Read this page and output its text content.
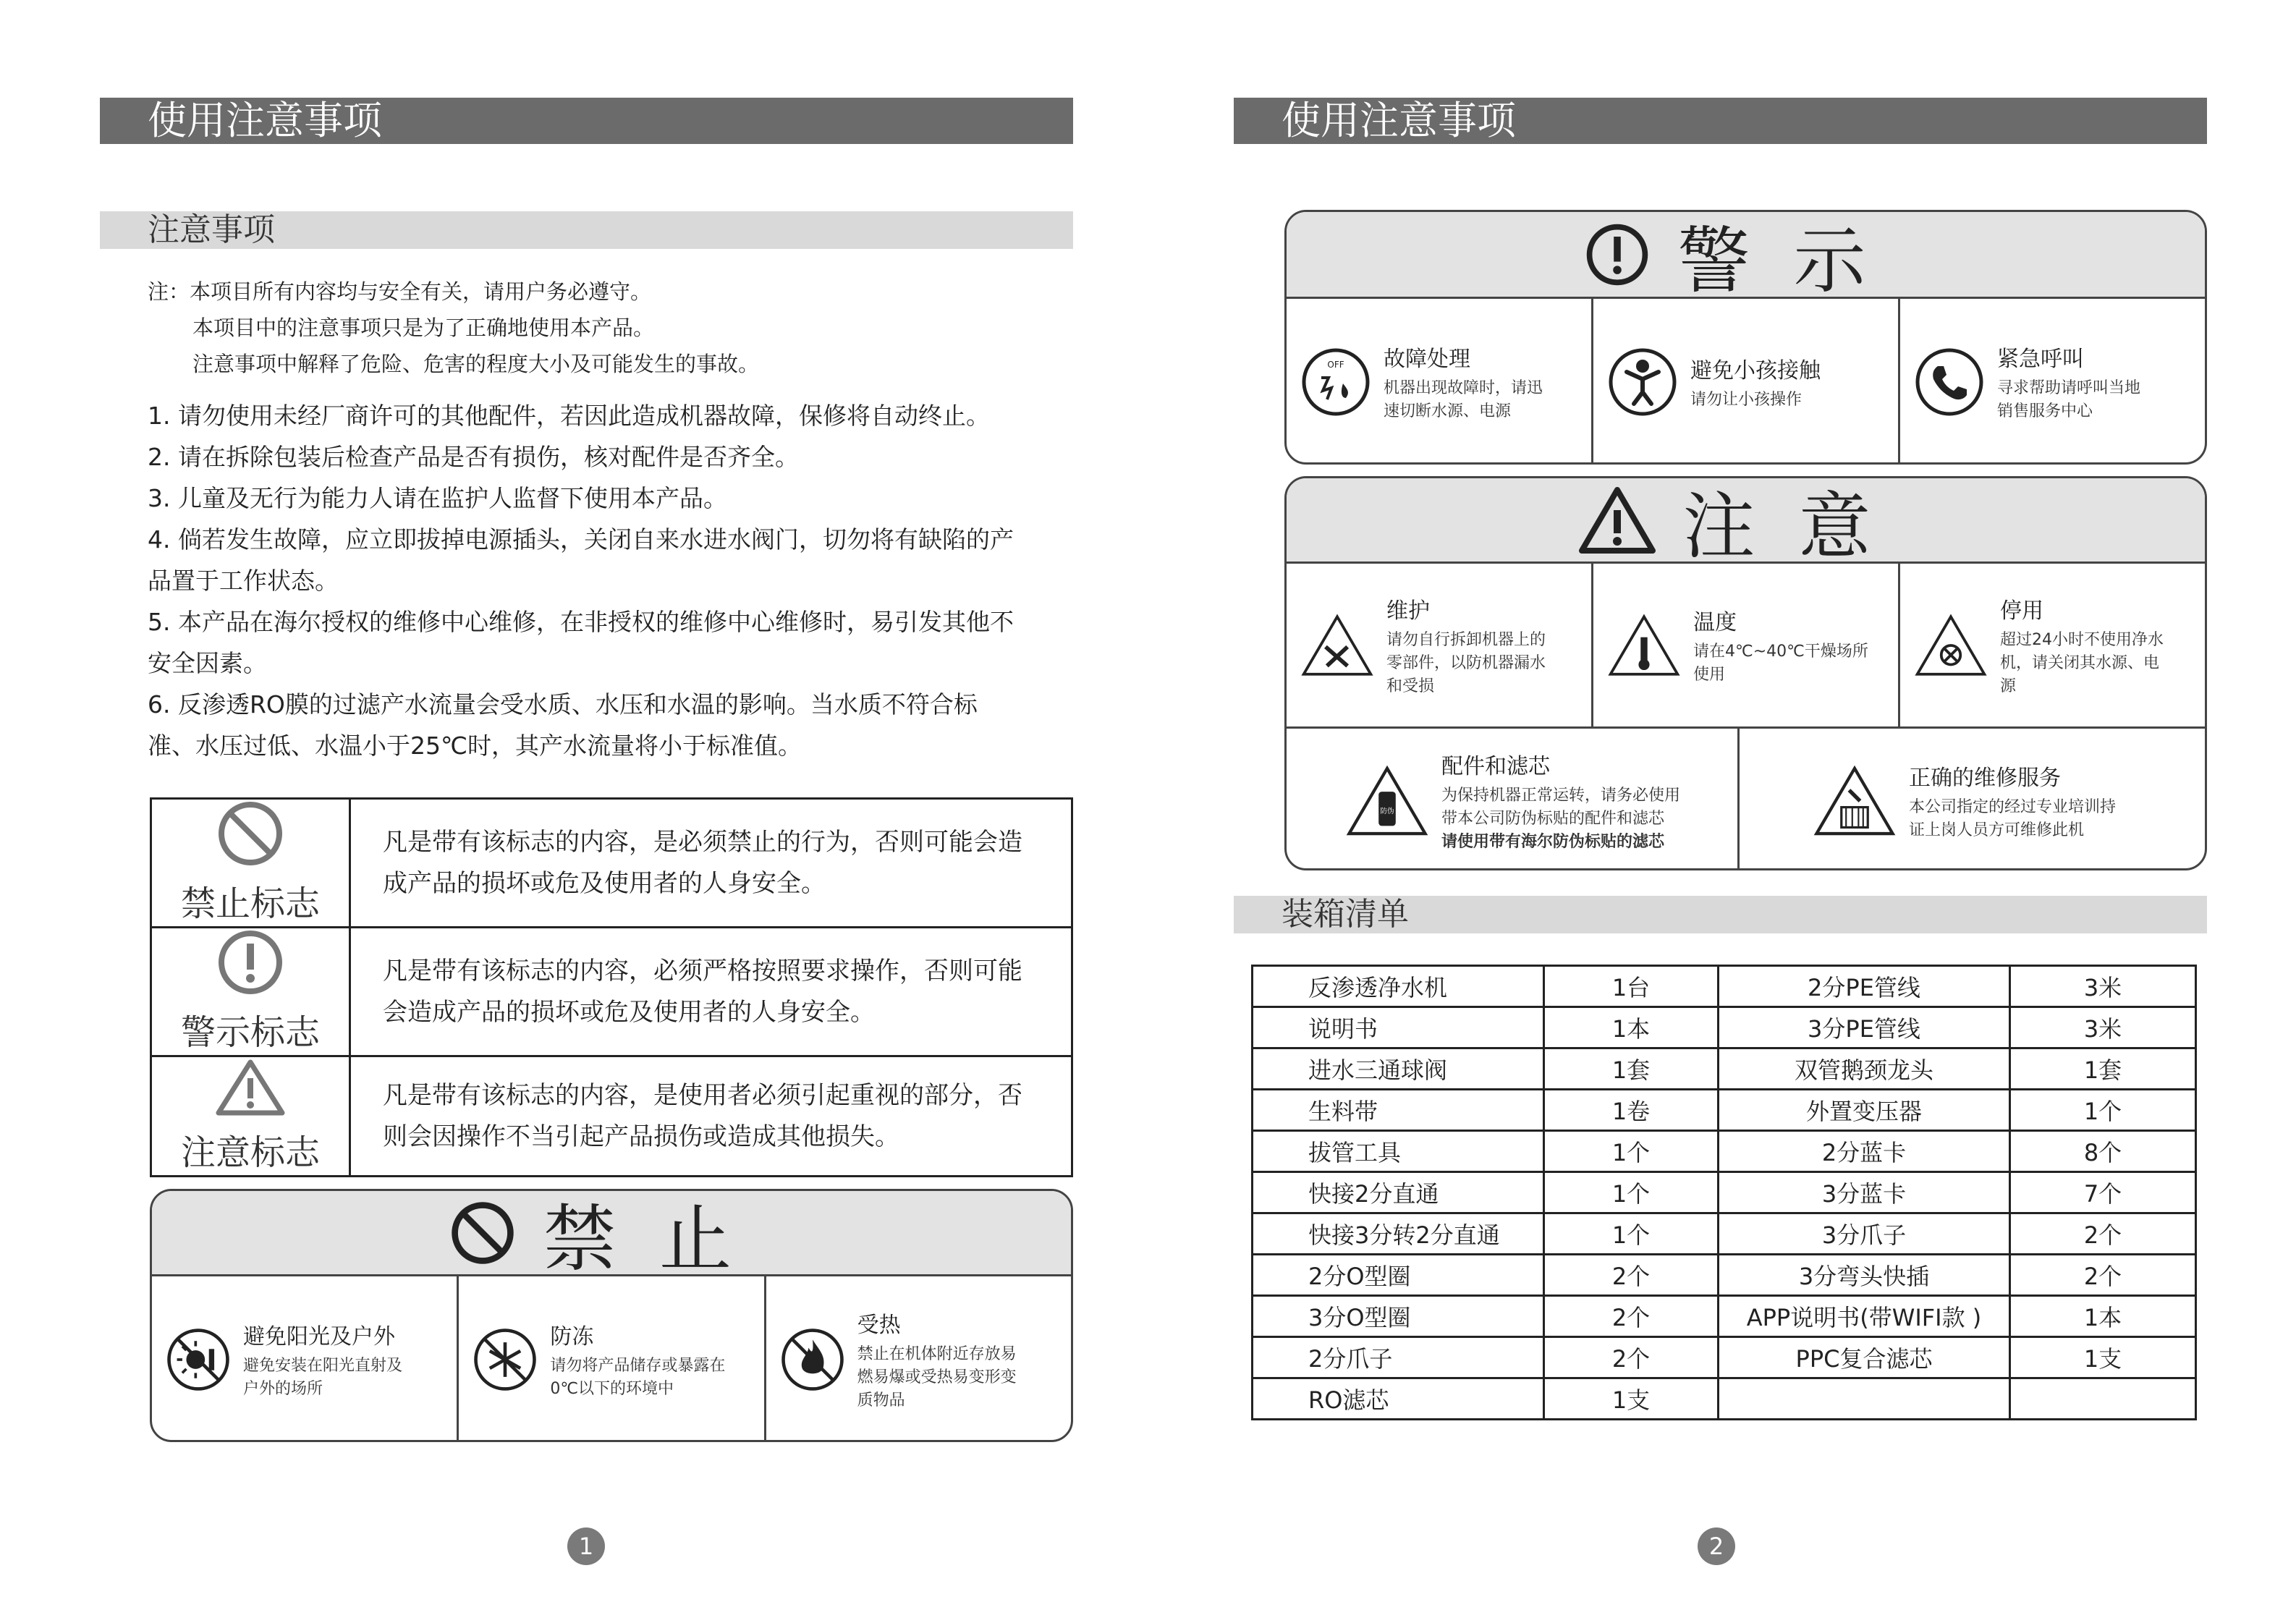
使用注意事项
注意事项
注：本项目所有内容均与安全有关，请用户务必遵守。
本项目中的注意事项只是为了正确地使用本产品。
注意事项中解释了危险、危害的程度大小及可能发生的事故。

1. 请勿使用未经厂商许可的其他配件，若因此造成机器故障，保修将自动终止。

2. 请在拆除包装后检查产品是否有损伤，核对配件是否齐全。

3. 儿童及无行为能力人请在监护人监督下使用本产品。

4. 倘若发生故障，应立即拔掉电源插头，关闭自来水进水阀门，切勿将有缺陷的产

品置于工作状态。

5. 本产品在海尔授权的维修中心维修，在非授权的维修中心维修时，易引发其他不

安全因素。

6. 反渗透RO膜的过滤产水流量会受水质、水压和水温的影响。当水质不符合标

准、水压过低、水温小于25℃时，其产水流量将小于标准值。

禁止标志	凡是带有该标志的内容，是必须禁止的行为，否则可能会造
成产品的损坏或危及使用者的人身安全。

警示标志	凡是带有该标志的内容，必须严格按照要求操作，否则可能
会造成产品的损坏或危及使用者的人身安全。

注意标志	凡是带有该标志的内容，是使用者必须引起重视的部分，否
则会因操作不当引起产品损伤或造成其他损失。
禁止
避免阳光及户外
避免安装在阳光直射及
户外的场所
防冻
请勿将产品储存或暴露在
0℃以下的环境中
受热
禁止在机体附近存放易
燃易爆或受热易变形变
质物品
1
使用注意事项
警示
OFF 故障处理
机器出现故障时，请迅
速切断水源、电源
避免小孩接触
请勿让小孩操作
紧急呼叫
寻求帮助请呼叫当地
销售服务中心
注意
维护
请勿自行拆卸机器上的
零部件，以防机器漏水
和受损
温度
请在4℃~40℃干燥场所
使用
停用
超过24小时不使用净水
机，请关闭其水源、电
源
防伪
配件和滤芯
为保持机器正常运转，请务必使用
带本公司防伪标贴的配件和滤芯
请使用带有海尔防伪标贴的滤芯
正确的维修服务
本公司指定的经过专业培训持
证上岗人员方可维修此机
装箱清单
反渗透净水机	1台	2分PE管线	3米
说明书	1本	3分PE管线	3米
进水三通球阀	1套	双管鹅颈龙头	1套
生料带	1卷	外置变压器	1个
拔管工具	1个	2分蓝卡	8个
快接2分直通	1个	3分蓝卡	7个
快接3分转2分直通	1个	3分爪子	2个
2分O型圈	2个	3分弯头快插	2个
3分O型圈	2个	APP说明书(带WIFI款 )	1本
2分爪子	2个	PPC复合滤芯	1支
RO滤芯	1支		
2
